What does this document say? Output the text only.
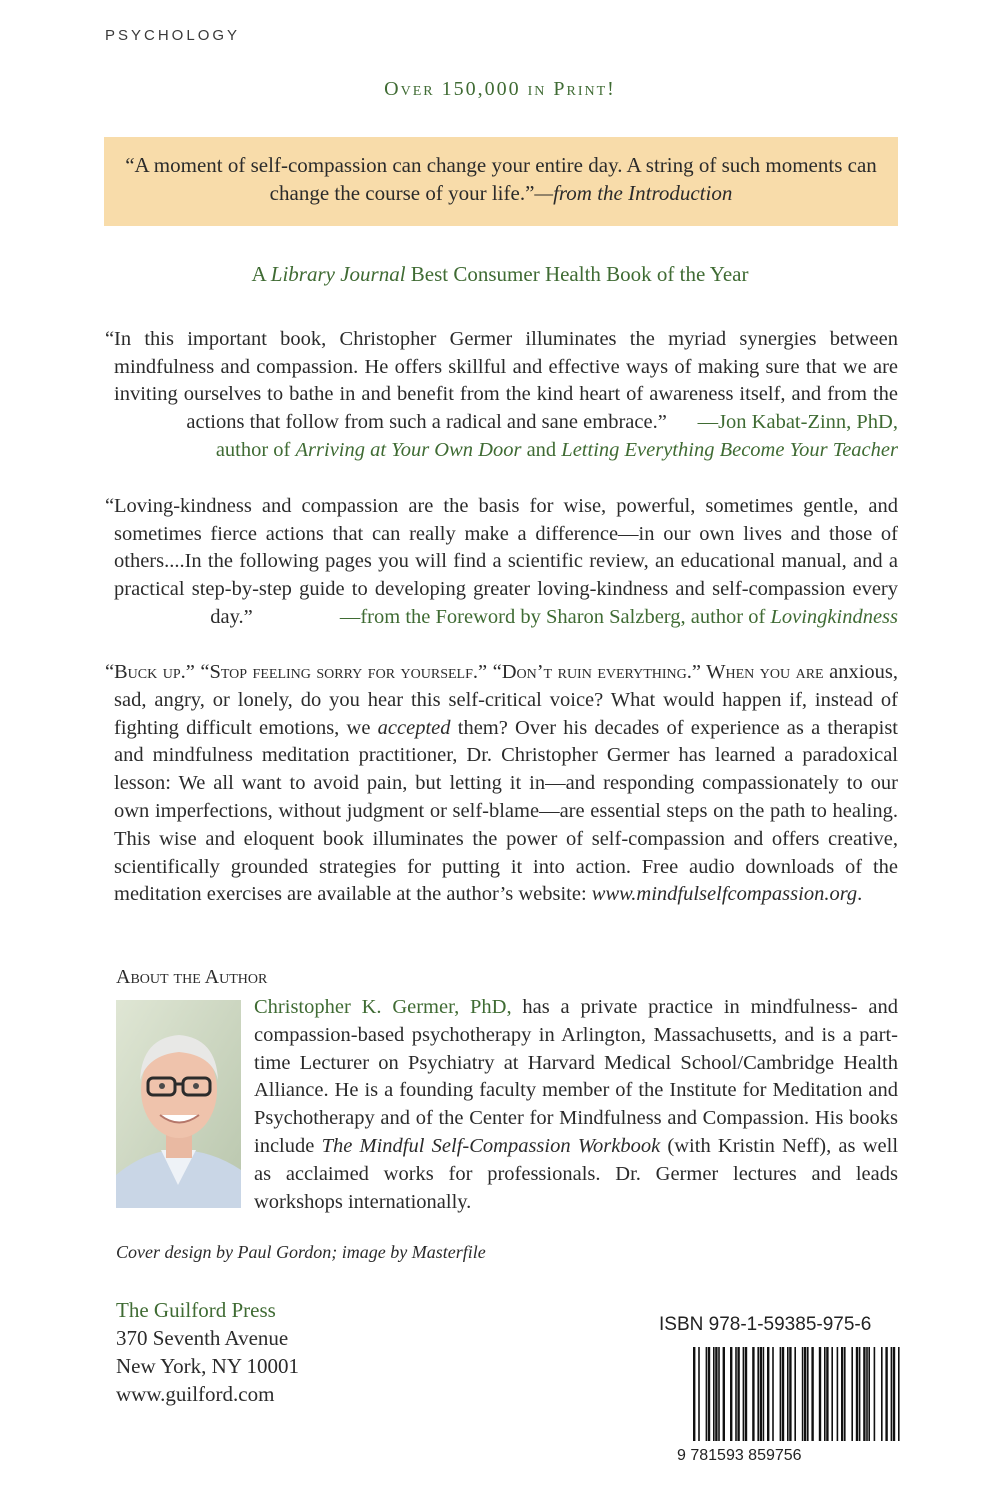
PSYCHOLOGY
Over 150,000 in Print!
“A moment of self-compassion can change your entire day. A string of such moments can change the course of your life.”—from the Introduction
A Library Journal Best Consumer Health Book of the Year
“ In this important book, Christopher Germer illuminates the myriad synergies between mindfulness and compassion. He offers skillful and effective ways of making sure that we are inviting ourselves to bathe in and benefit from the kind heart of awareness itself, and from the actions that follow from such a radical and sane embrace.” —Jon Kabat-Zinn, PhD,
author of Arriving at Your Own Door and Letting Everything Become Your Teacher
“ Loving-kindness and compassion are the basis for wise, powerful, sometimes gentle, and sometimes fierce actions that can really make a difference—in our own lives and those of others....In the following pages you will find a scientific review, an educational manual, and a practical step-by-step guide to developing greater loving-kindness and self-compassion every day.”	—from the Foreword by Sharon Salzberg, author of Lovingkindness
“ Buck up.” “Stop feeling sorry for yourself.” “Don’t ruin everything.” When you are anxious, sad, angry, or lonely, do you hear this self-critical voice? What would happen if, instead of fighting difficult emotions, we accepted them? Over his decades of experience as a therapist and mindfulness meditation practitioner, Dr. Christopher Germer has learned a paradoxical lesson: We all want to avoid pain, but letting it in—and responding compassionately to our own imperfections, without judgment or self-blame—are essential steps on the path to healing. This wise and eloquent book illuminates the power of self-compassion and offers creative, scientifically grounded strategies for putting it into action. Free audio downloads of the meditation exercises are available at the author’s website: www.mindfulselfcompassion.org.
About the Author
Christopher K. Germer, PhD, has a private practice in mindfulness- and compassion-based psychotherapy in Arlington, Massachusetts, and is a part-time Lecturer on Psychiatry at Harvard Medical School/Cambridge Health Alliance. He is a founding faculty member of the Institute for Meditation and Psychotherapy and of the Center for Mindfulness and Compassion. His books include The Mindful Self-Compassion Workbook (with Kristin Neff), as well as acclaimed works for professionals. Dr. Germer lectures and leads workshops internationally.
Cover design by Paul Gordon; image by Masterfile
The Guilford Press
370 Seventh Avenue
New York, NY 10001
www.guilford.com
ISBN 978-1-59385-975-6
9 781593 859756
